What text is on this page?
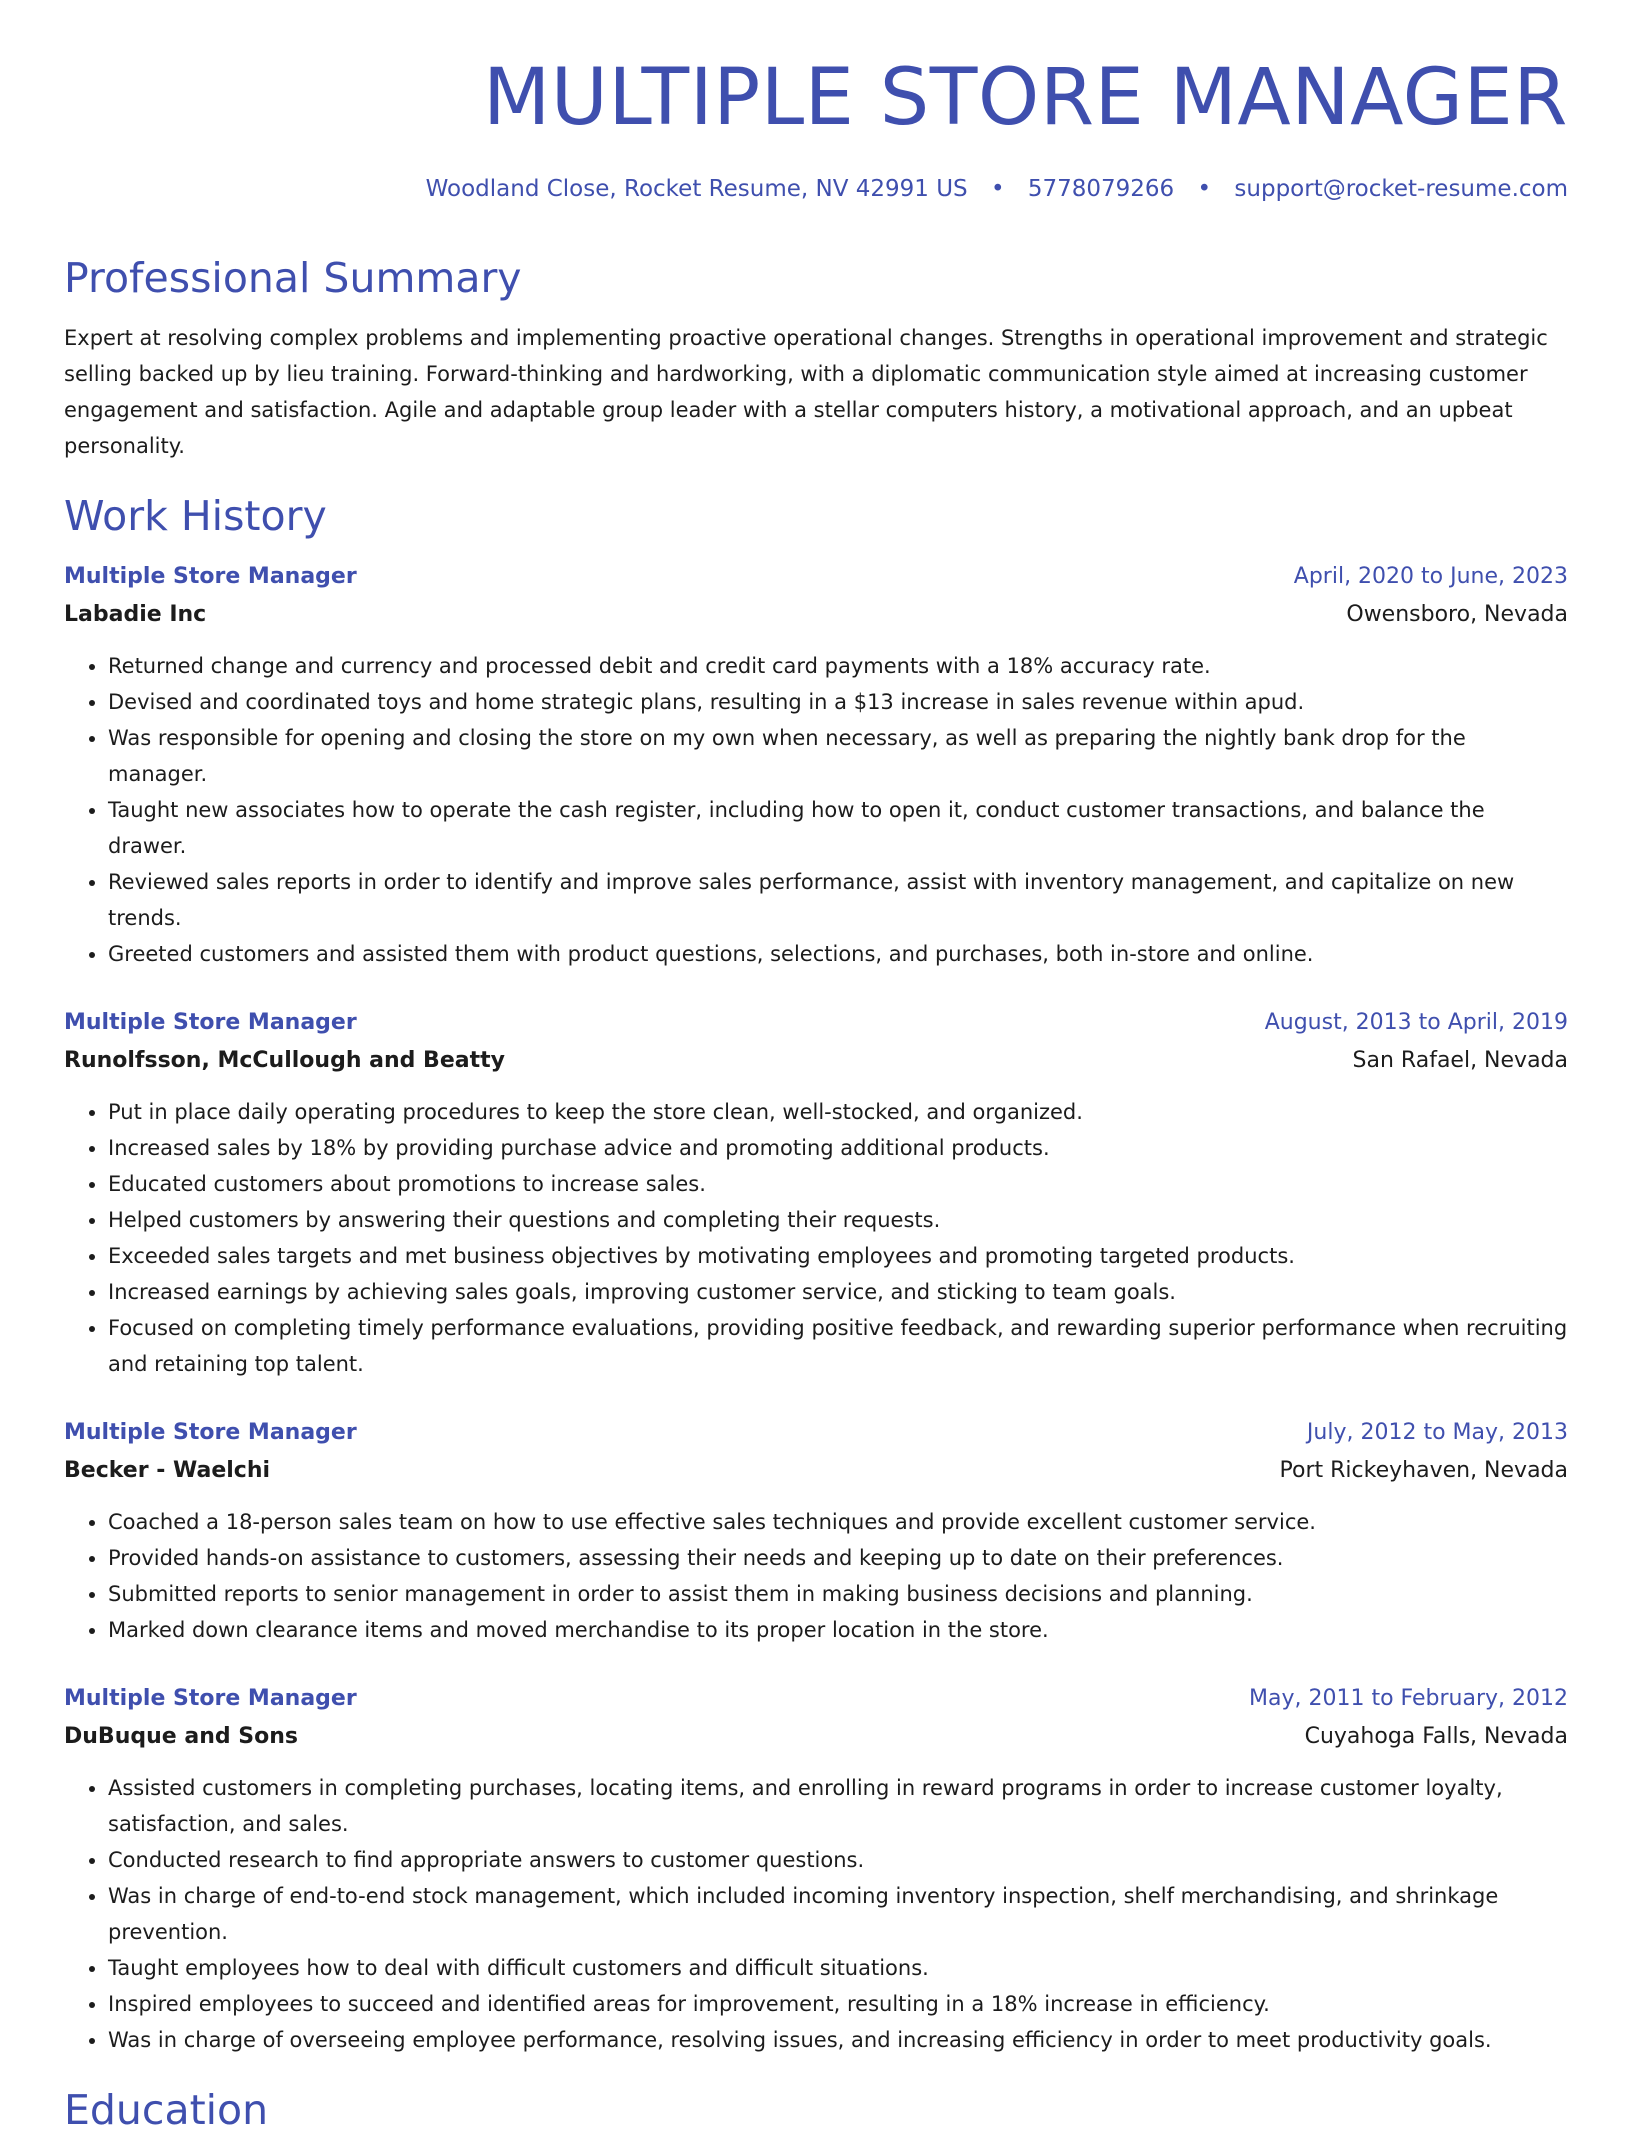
MULTIPLE STORE MANAGER
Woodland Close, Rocket Resume, NV 42991 US • 5778079266 • support@rocket-resume.com
Professional Summary
Expert at resolving complex problems and implementing proactive operational changes. Strengths in operational improvement and strategic selling backed up by lieu training. Forward-thinking and hardworking, with a diplomatic communication style aimed at increasing customer engagement and satisfaction. Agile and adaptable group leader with a stellar computers history, a motivational approach, and an upbeat personality.
Work History
Multiple Store Manager	April, 2020 to June, 2023
Labadie Inc	Owensboro, Nevada
• Returned change and currency and processed debit and credit card payments with a 18% accuracy rate.
• Devised and coordinated toys and home strategic plans, resulting in a $13 increase in sales revenue within apud.
• Was responsible for opening and closing the store on my own when necessary, as well as preparing the nightly bank drop for the manager.
• Taught new associates how to operate the cash register, including how to open it, conduct customer transactions, and balance the drawer.
• Reviewed sales reports in order to identify and improve sales performance, assist with inventory management, and capitalize on new trends.
• Greeted customers and assisted them with product questions, selections, and purchases, both in-store and online.
Multiple Store Manager	August, 2013 to April, 2019
Runolfsson, McCullough and Beatty	San Rafael, Nevada
• Put in place daily operating procedures to keep the store clean, well-stocked, and organized.
• Increased sales by 18% by providing purchase advice and promoting additional products.
• Educated customers about promotions to increase sales.
• Helped customers by answering their questions and completing their requests.
• Exceeded sales targets and met business objectives by motivating employees and promoting targeted products.
• Increased earnings by achieving sales goals, improving customer service, and sticking to team goals.
• Focused on completing timely performance evaluations, providing positive feedback, and rewarding superior performance when recruiting and retaining top talent.
Multiple Store Manager	July, 2012 to May, 2013
Becker - Waelchi	Port Rickeyhaven, Nevada
• Coached a 18-person sales team on how to use effective sales techniques and provide excellent customer service.
• Provided hands-on assistance to customers, assessing their needs and keeping up to date on their preferences.
• Submitted reports to senior management in order to assist them in making business decisions and planning.
• Marked down clearance items and moved merchandise to its proper location in the store.
Multiple Store Manager	May, 2011 to February, 2012
DuBuque and Sons	Cuyahoga Falls, Nevada
• Assisted customers in completing purchases, locating items, and enrolling in reward programs in order to increase customer loyalty, satisfaction, and sales.
• Conducted research to find appropriate answers to customer questions.
• Was in charge of end-to-end stock management, which included incoming inventory inspection, shelf merchandising, and shrinkage prevention.
• Taught employees how to deal with difficult customers and difficult situations.
• Inspired employees to succeed and identified areas for improvement, resulting in a 18% increase in efficiency.
• Was in charge of overseeing employee performance, resolving issues, and increasing efficiency in order to meet productivity goals.
Education
